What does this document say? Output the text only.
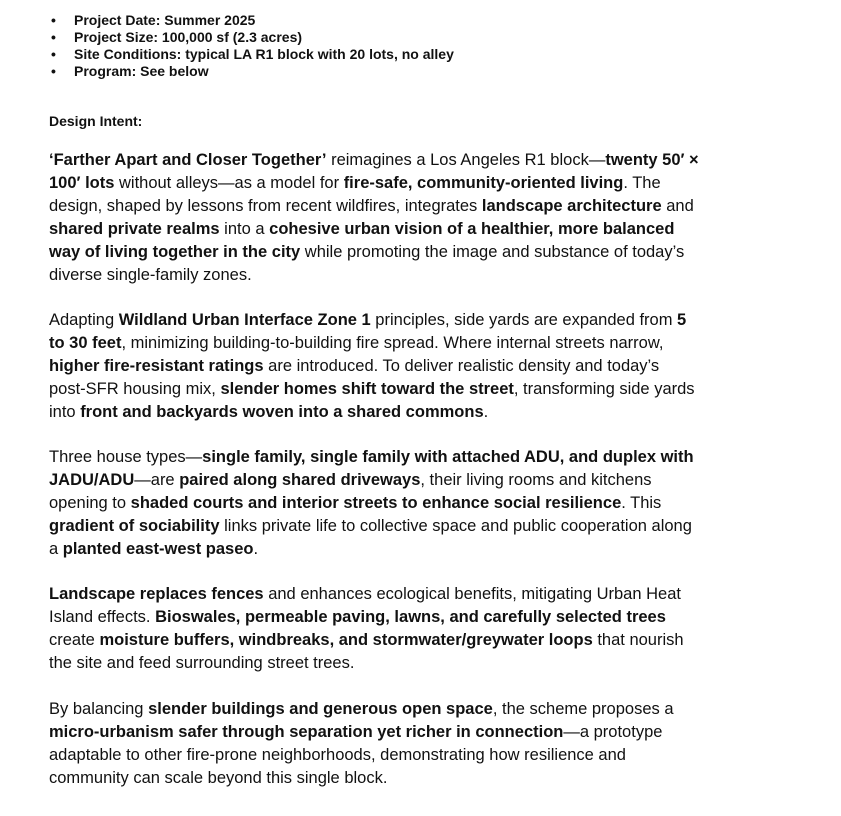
• Project Date: Summer 2025
• Project Size: 100,000 sf (2.3 acres)
• Site Conditions: typical LA R1 block with 20 lots, no alley
• Program: See below

Design Intent:

‘Farther Apart and Closer Together’ reimagines a Los Angeles R1 block—twenty 50′ ×
100′ lots without alleys—as a model for fire-safe, community-oriented living. The
design, shaped by lessons from recent wildfires, integrates landscape architecture and
shared private realms into a cohesive urban vision of a healthier, more balanced
way of living together in the city while promoting the image and substance of today’s
diverse single-family zones.

Adapting Wildland Urban Interface Zone 1 principles, side yards are expanded from 5
to 30 feet, minimizing building-to-building fire spread. Where internal streets narrow,
higher fire-resistant ratings are introduced. To deliver realistic density and today’s
post-SFR housing mix, slender homes shift toward the street, transforming side yards
into front and backyards woven into a shared commons.

Three house types—single family, single family with attached ADU, and duplex with
JADU/ADU—are paired along shared driveways, their living rooms and kitchens
opening to shaded courts and interior streets to enhance social resilience. This
gradient of sociability links private life to collective space and public cooperation along
a planted east-west paseo.

Landscape replaces fences and enhances ecological benefits, mitigating Urban Heat
Island effects. Bioswales, permeable paving, lawns, and carefully selected trees
create moisture buffers, windbreaks, and stormwater/greywater loops that nourish
the site and feed surrounding street trees.

By balancing slender buildings and generous open space, the scheme proposes a
micro-urbanism safer through separation yet richer in connection—a prototype
adaptable to other fire-prone neighborhoods, demonstrating how resilience and
community can scale beyond this single block.
